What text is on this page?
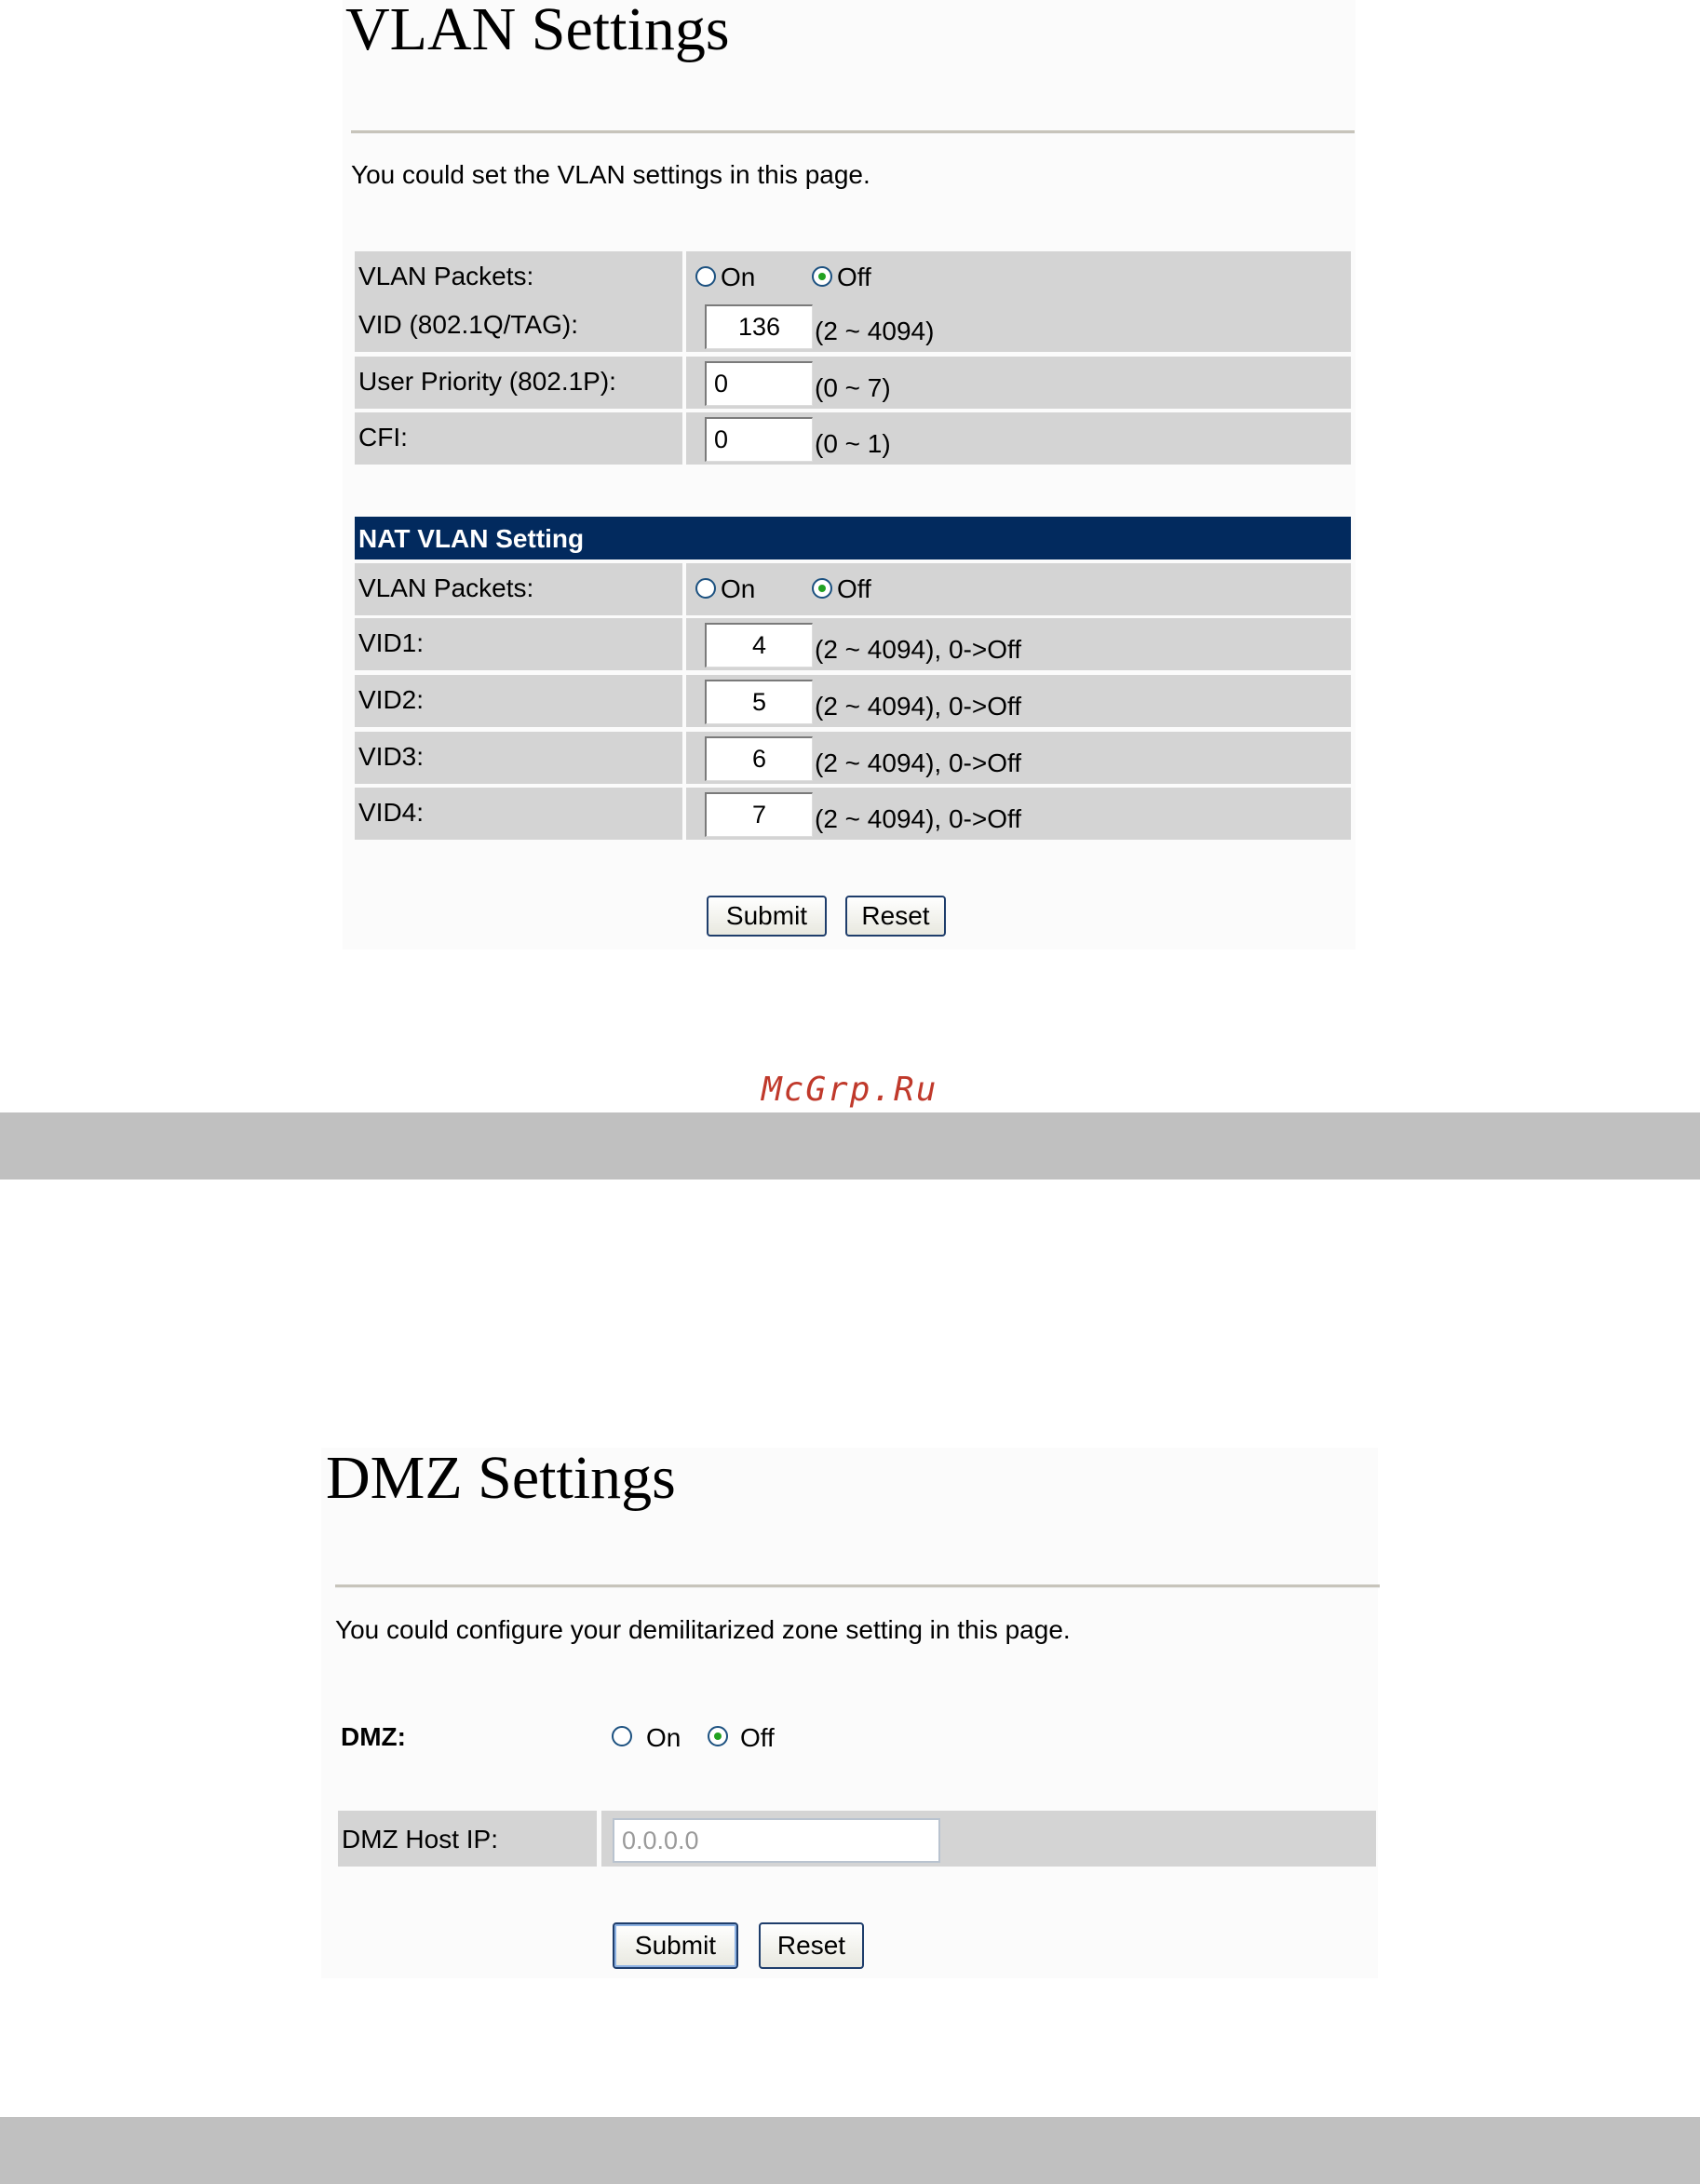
VLAN Settings
You could set the VLAN settings in this page.
VLAN Packets:	On	Off
VID (802.1Q/TAG):	136	(2 ~ 4094)
User Priority (802.1P):	0	(0 ~ 7)
CFI:	0	(0 ~ 1)
NAT VLAN Setting
VLAN Packets:	On	Off
VID1:	4	(2 ~ 4094), 0->Off
VID2:	5	(2 ~ 4094), 0->Off
VID3:	6	(2 ~ 4094), 0->Off
VID4:	7	(2 ~ 4094), 0->Off
Submit	Reset
McGrp.Ru
DMZ Settings
You could configure your demilitarized zone setting in this page.
DMZ:	On Off
DMZ Host IP:	0.0.0.0
Submit	Reset
